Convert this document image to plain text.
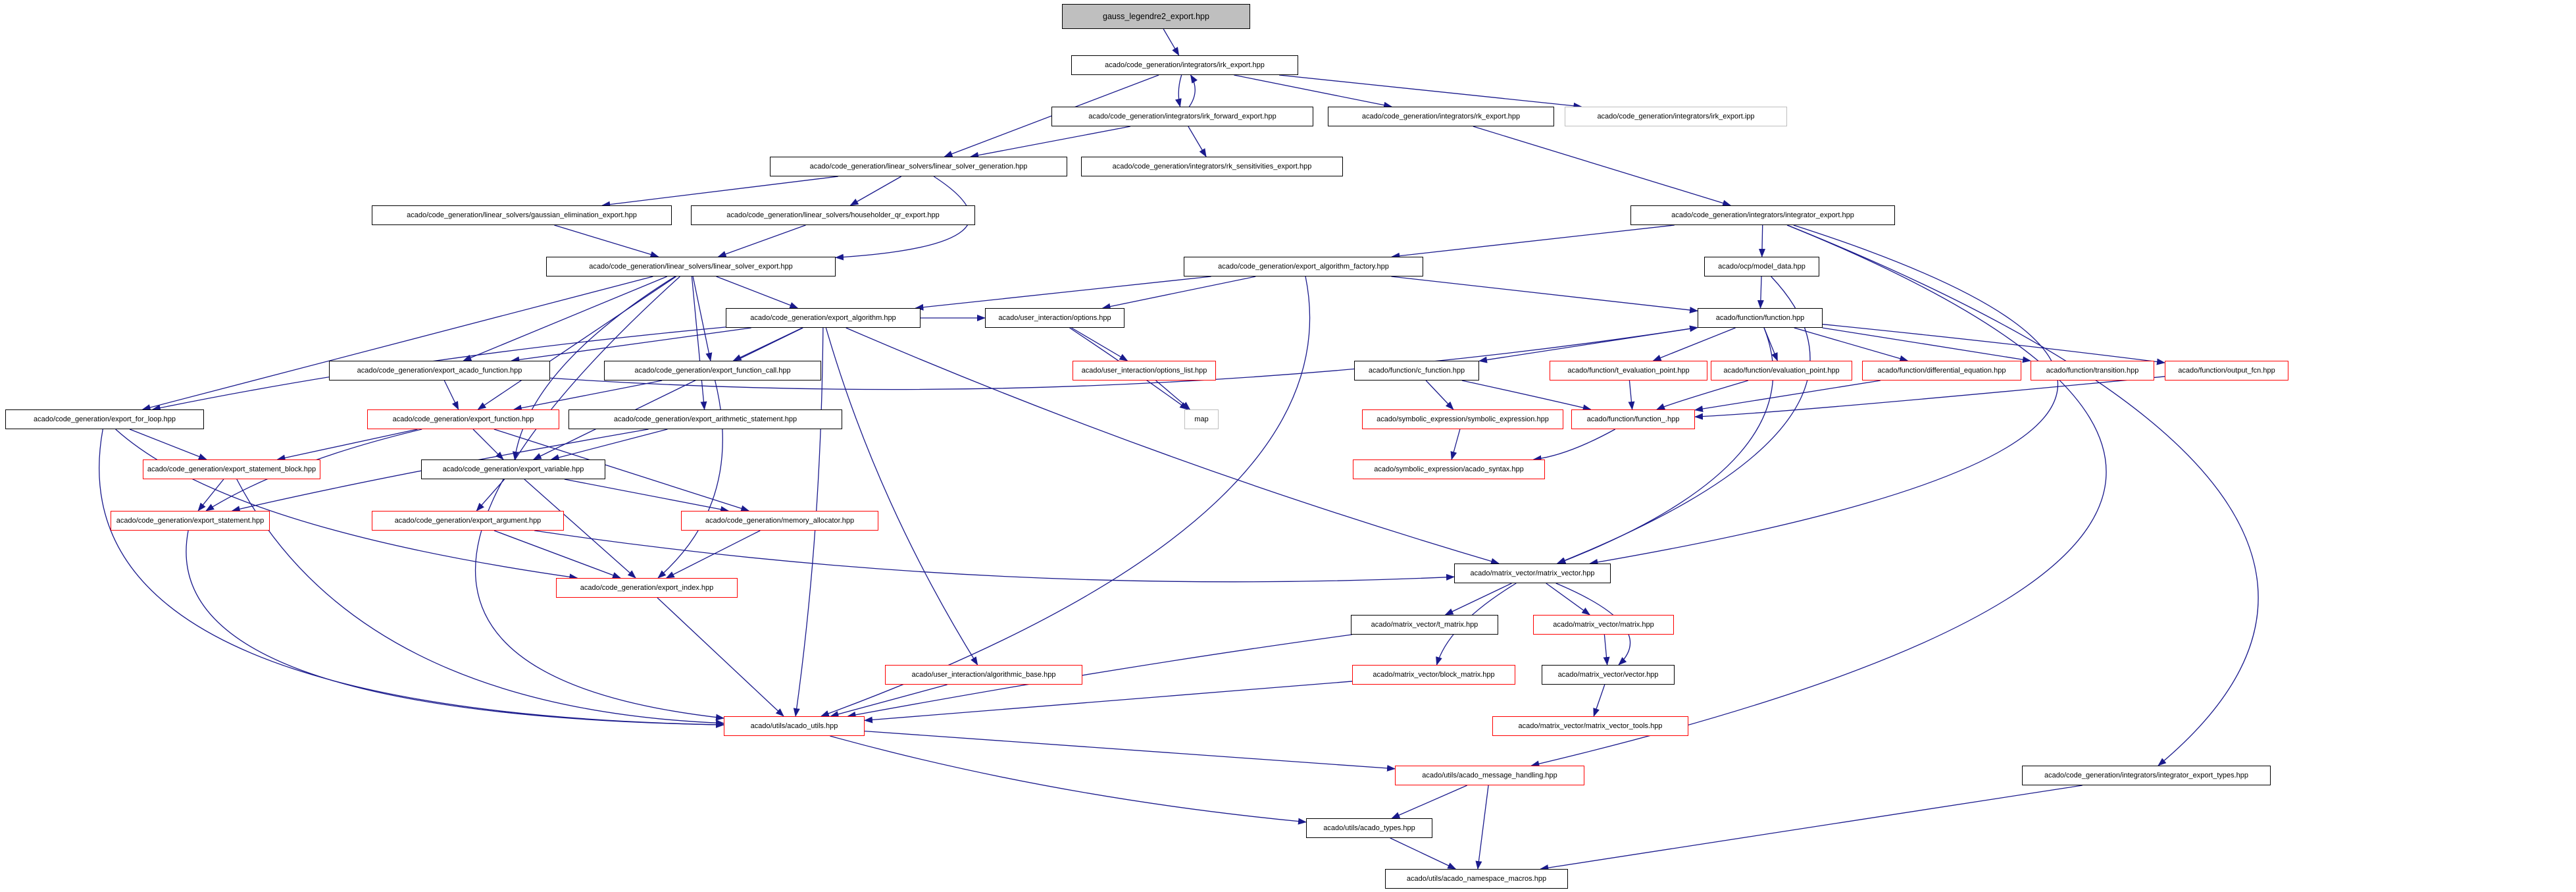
gauss_legendre2_export.hpp
acado/code_generation/integrators/irk_export.hpp
acado/code_generation/integrators/irk_forward_export.hpp	acado/code_generation/integrators/rk_export.hpp	acado/code_generation/integrators/irk_export.ipp
acado/code_generation/linear_solvers/linear_solver_generation.hpp	acado/code_generation/integrators/rk_sensitivities_export.hpp
acado/code_generation/linear_solvers/gaussian_elimination_export.hpp	acado/code_generation/linear_solvers/householder_qr_export.hpp
acado/code_generation/linear_solvers/linear_solver_export.hpp	acado/code_generation/export_algorithm_factory.hpp
acado/code_generation/integrators/integrator_export.hpp
acado/ocp/model_data.hpp
acado/function/function.hpp
acado/code_generation/export_algorithm.hpp	acado/user_interaction/options.hpp
acado/user_interaction/options_list.hpp
acado/code_generation/export_acado_function.hpp	acado/code_generation/export_function_call.hpp	acado/function/c_function.hpp	acado/function/t_evaluation_point.hpp	acado/function/evaluation_point.hpp	acado/function/differential_equation.hpp	acado/function/transition.hpp	acado/function/output_fcn.hpp
acado/code_generation/export_for_loop.hpp	acado/code_generation/export_function.hpp	acado/code_generation/export_arithmetic_statement.hpp	map	acado/symbolic_expression/symbolic_expression.hpp	acado/function/function_.hpp
acado/code_generation/export_statement_block.hpp	acado/code_generation/export_variable.hpp	acado/symbolic_expression/acado_syntax.hpp
acado/code_generation/export_statement.hpp	acado/code_generation/export_argument.hpp	acado/code_generation/memory_allocator.hpp
acado/code_generation/export_index.hpp
acado/matrix_vector/matrix_vector.hpp
acado/matrix_vector/t_matrix.hpp	acado/matrix_vector/matrix.hpp
acado/matrix_vector/block_matrix.hpp	acado/matrix_vector/vector.hpp
acado/matrix_vector/matrix_vector_tools.hpp
acado/user_interaction/algorithmic_base.hpp
acado/utils/acado_utils.hpp
acado/utils/acado_message_handling.hpp	acado/code_generation/integrators/integrator_export_types.hpp
acado/utils/acado_types.hpp
acado/utils/acado_namespace_macros.hpp
